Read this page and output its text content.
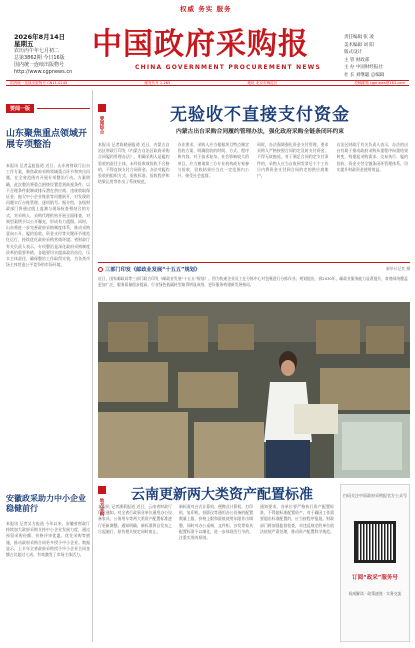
权威 务实 服务
2026年8月14日
星期五
农历丙午年七月初二
总第3862期 今日16版
国内统一连续出版物号
http://www.cgpnews.cn
中国政府采购报
CHINA GOVERNMENT PROCUREMENT NEWS
责任编辑 张 凌
美术编辑 刘 阳
版式设计
主 管 财政部
主 办 中国财经报社
社 长 刘继聪 总编辑
国内统一连续出版物号 CN11-0245	邮发代号 1-265	地址 北京市海淀区	投稿邮箱 cgpnews@163.com
要闻一版
山东聚焦重点领域开展专项整治
本报讯 记者孟虹报道 近日，山东省财政厅出台工作方案，聚焦政府采购领域重点环节和突出问题，在全省范围内开展专项整治行动。方案明确，此次整治将重点围绕设置差别歧视条件、以不合理条件限制或排斥潜在供应商、违规收取保证金、拖欠中小企业账款等问题展开，对发现的问题实行台账管理、逐项销号。据介绍，各级财政部门将通过线上监测与现场检查相结合的方式，对采购人、采购代理机构开展全面排查，对典型案例予以公开曝光，形成有力震慑。同时，山东将进一步完善政府采购制度体系，推动采购意向公开、履约验收、资金支付等关键环节规范化运行，持续优化政府采购营商环境。省财政厅有关负责人表示，专项整治是深化政府采购制度改革的重要举措，各地要切实提高政治站位，压实主体责任，确保整治工作取得实效，为各类市场主体营造公平竞争的市场环境。
安徽政采助力中小企业稳健前行
本报讯 记者吴方报道 今年以来，安徽省财政厅持续加大政府采购支持中小企业发展力度，通过预留采购份额、价格评审优惠、优先采购等措施，推动政府采购合同更多授予中小企业。数据显示，上半年全省政府采购授予中小企业合同金额占比超过七成，有效激发了市场主体活力。
要闻综合	无验收不直接支付资金
内蒙古出台采购合同履约管理办法，强化政府采购全链条闭环约束
本报讯 记者陈晓丽报道 近日，内蒙古自治区财政厅印发《内蒙古自治区政府采购合同履约管理办法》，明确采购人是履约验收的责任主体，未经验收或验收不合格的，不得直接支付合同资金。办法对履约验收的组织方式、验收标准、验收程序和结果运用等作出了系统规范。
办法要求，采购人应当根据项目特点制定验收方案，明确验收的时间、方式、程序和内容。对于技术复杂、社会影响较大的项目，应当邀请第三方专业机构或专家参与验收，验收结果应当在一定范围内公开，接受社会监督。
同时，办法强调强化资金支付管理，要求采购人严格按照合同约定及时支付资金，不得无故拖延。对于满足合同约定支付条件的，采购人应当自收到发票后十个工作日内将资金支付到合同约定的供应商账户。
自治区财政厅有关负责人表示，办法的出台有助于推动政府采购从重程序向重结果转变，构建起采购需求、交易执行、履约验收、资金支付全链条闭环管理体系，切实提升财政资金使用效益。
三部门印发《邮政业发展“十五五”规划》	新华社记者 摄
近日，国家邮政局等三部门联合印发《邮政业发展“十五五”规划》。图为快递企业员工在分拣中心对包裹进行分拣作业。规划提出，到2030年，邮政业服务能力显著提升，寄递网络覆盖更加广泛，服务质量稳步提高，行业绿色低碳转型取得明显成效，更好服务构建新发展格局。
地方采购
云南更新两大类资产配置标准
本报讯 记者潘莉报道 近日，云南省财政厅印发通知，对全省行政事业单位通用办公设备家具、公务用车等两大类资产配置标准进行更新调整。通知明确，新标准将自发布之日起施行，原有相关规定同时废止。
新标准对台式计算机、便携式计算机、打印机、复印机、投影仪等通用办公设备的配置数量上限、价格上限和最低使用年限作出调整，同时对办公桌椅、文件柜、沙发等家具配置标准予以细化，进一步体现厉行节约、注重实用的原则。
通知要求，各单位要严格执行资产配置标准，不得超标准配置资产。对于确因工作需要超出标准配置的，应当按程序报批。财政部门将加强监督检查，对违反规定的单位依法依规严肃处理，推动资产配置科学规范。
扫码关注中国政府采购报官方公众号
订阅“政采”服务号
权威解读 · 政策速递 · 实务交流
